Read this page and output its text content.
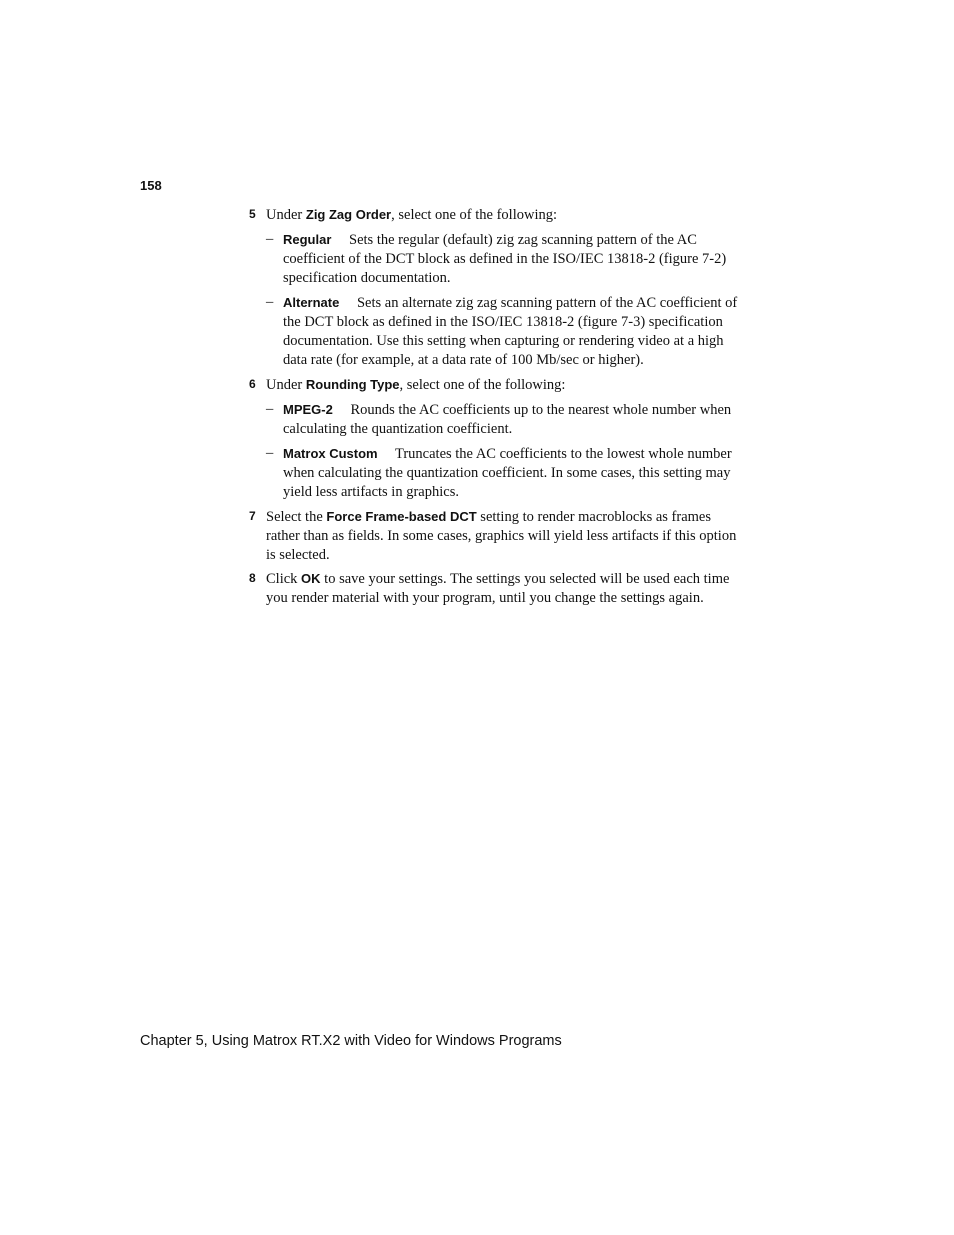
158
5 Under Zig Zag Order, select one of the following:
– Regular Sets the regular (default) zig zag scanning pattern of the AC coefficient of the DCT block as defined in the ISO/IEC 13818-2 (figure 7-2) specification documentation.
– Alternate Sets an alternate zig zag scanning pattern of the AC coefficient of the DCT block as defined in the ISO/IEC 13818-2 (figure 7-3) specification documentation. Use this setting when capturing or rendering video at a high data rate (for example, at a data rate of 100 Mb/sec or higher).
6 Under Rounding Type, select one of the following:
– MPEG-2 Rounds the AC coefficients up to the nearest whole number when calculating the quantization coefficient.
– Matrox Custom Truncates the AC coefficients to the lowest whole number when calculating the quantization coefficient. In some cases, this setting may yield less artifacts in graphics.
7 Select the Force Frame-based DCT setting to render macroblocks as frames rather than as fields. In some cases, graphics will yield less artifacts if this option is selected.
8 Click OK to save your settings. The settings you selected will be used each time you render material with your program, until you change the settings again.
Chapter 5, Using Matrox RT.X2 with Video for Windows Programs
